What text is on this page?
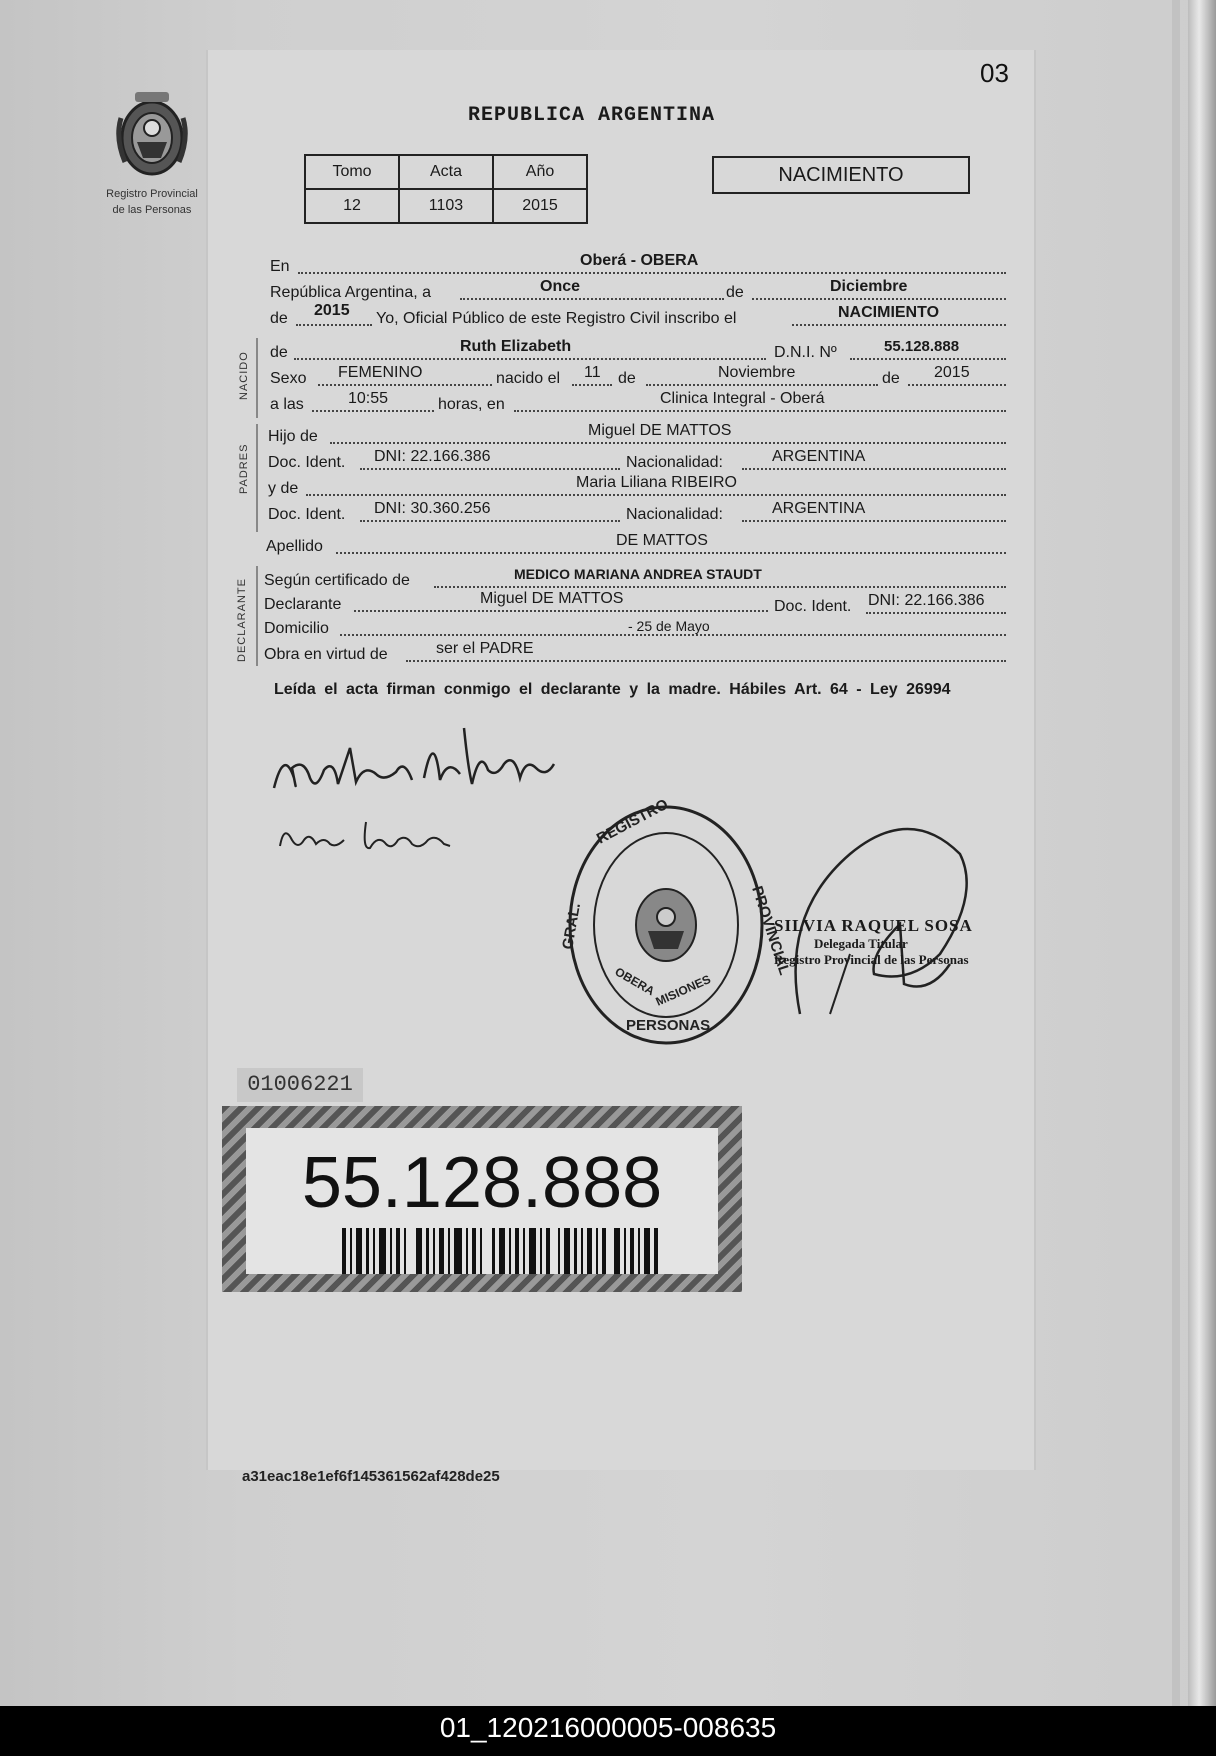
Registro Provincial
de las Personas
03
REPUBLICA ARGENTINA
Tomo	Acta	Año
12	1103	2015
NACIMIENTO
En	Oberá - OBERA
República Argentina, a	Once	de	Diciembre
de 2015 Yo, Oficial Público de este Registro Civil inscribo el	NACIMIENTO
NACIDO de	Ruth Elizabeth	D.N.I. Nº	55.128.888
Sexo FEMENINO	nacido el 11 de	Noviembre	de 2015
a las	10:55	horas, en	Clinica Integral - Oberá
PADRES
Hijo de	Miguel DE MATTOS
Doc. Ident. DNI: 22.166.386	Nacionalidad:	ARGENTINA
y de	Maria Liliana RIBEIRO
Doc. Ident. DNI: 30.360.256	Nacionalidad:	ARGENTINA
Apellido	DE MATTOS
DECLARANTE Según certificado de	MEDICO MARIANA ANDREA STAUDT
Declarante	Miguel DE MATTOS	Doc. Ident. DNI: 22.166.386
Domicilio	- 25 de Mayo
Obra en virtud de	ser el PADRE
Leída el acta firman conmigo el declarante y la madre. Hábiles Art. 64 - Ley 26994
REGISTRO
GRAL.	PROVINCIAL
PERSONAS
OBERA
MISIONES
SILVIA RAQUEL SOSA
Delegada Titular
Registro Provincial de las Personas
01006221
55.128.888
a31eac18e1ef6f145361562af428de25
01_120216000005-008635
